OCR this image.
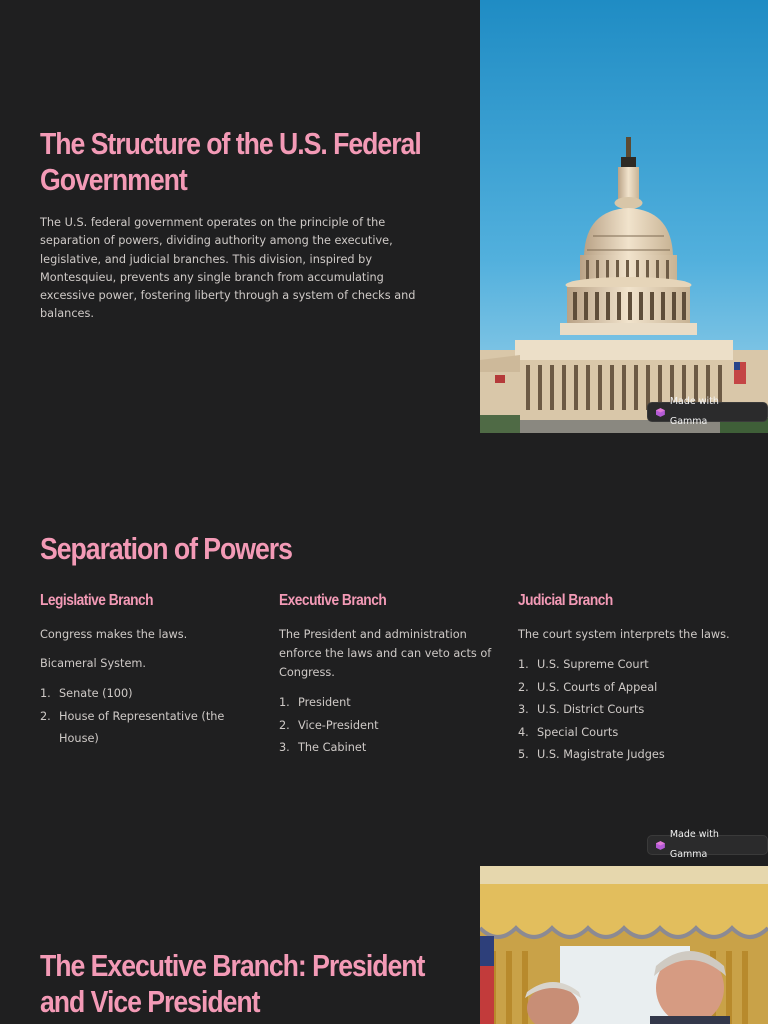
The Structure of the U.S. Federal
Government

The U.S. federal government operates on the principle of the separation of powers, dividing authority among the executive, legislative, and judicial branches. This division, inspired by Montesquieu, prevents any single branch from accumulating excessive power, fostering liberty through a system of checks and balances.

Made with Gamma
Separation of Powers
Legislative Branch

Congress makes the laws.

Bicameral System.

1. Senate (100)
2. House of Representative (the House)
Executive Branch

The President and administration enforce the laws and can veto acts of Congress.

1. President
2. Vice-President
3. The Cabinet
Judicial Branch

The court system interprets the laws.

1. U.S. Supreme Court
2. U.S. Courts of Appeal
3. U.S. District Courts
4. Special Courts
5. U.S. Magistrate Judges
Made with Gamma
The Executive Branch: President
and Vice President
